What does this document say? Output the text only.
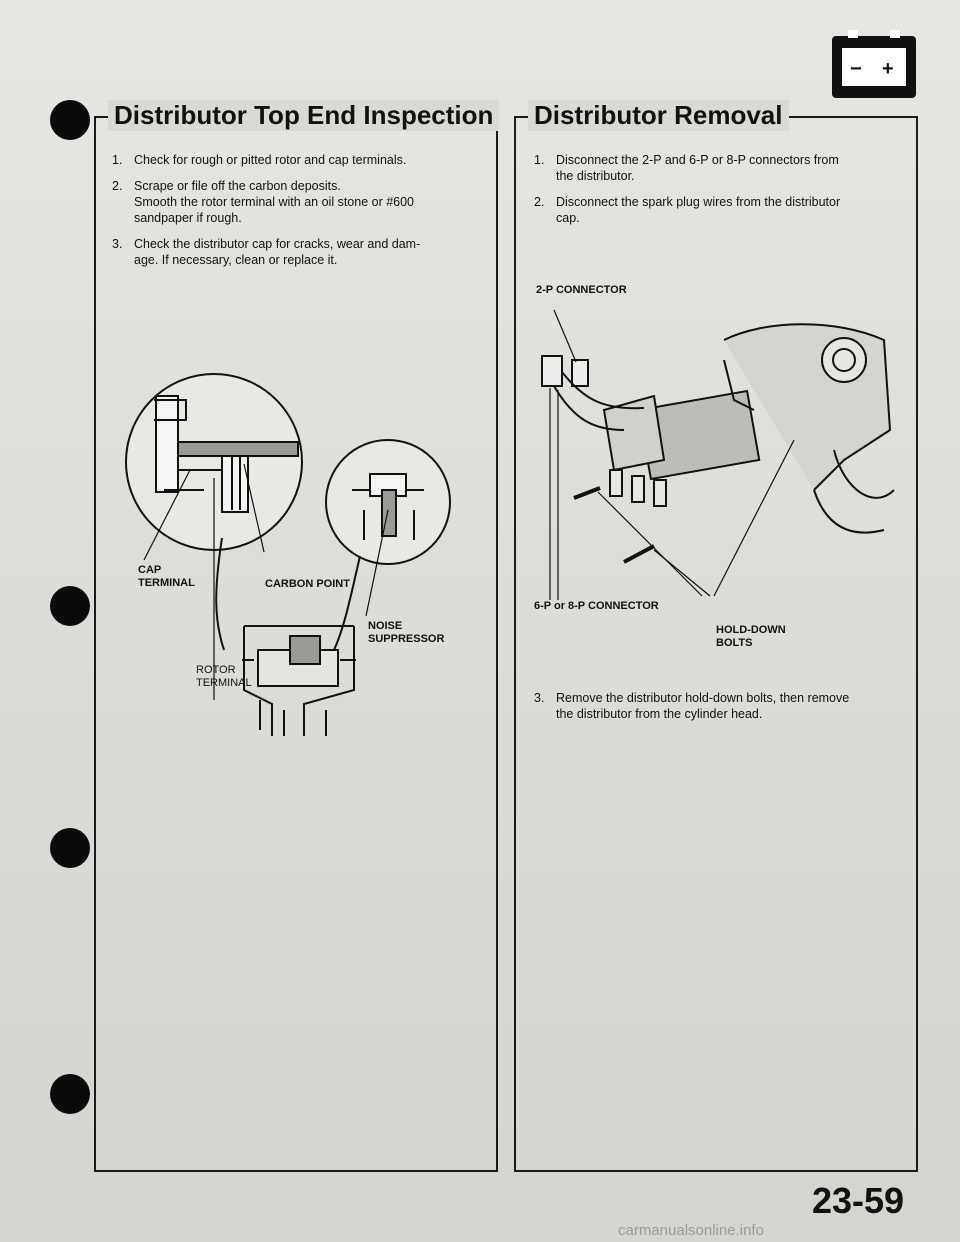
− +
Distributor Top End Inspection
1. Check for rough or pitted rotor and cap terminals.
2. Scrape or file off the carbon deposits.
Smooth the rotor terminal with an oil stone or #600
sandpaper if rough.
3. Check the distributor cap for cracks, wear and dam-
age. If necessary, clean or replace it.
CAP
TERMINAL	CARBON POINT
NOISE
SUPPRESSOR
ROTOR
TERMINAL
Distributor Removal
1. Disconnect the 2-P and 6-P or 8-P connectors from
the distributor.
2. Disconnect the spark plug wires from the distributor
cap.
2-P CONNECTOR
6-P or 8-P CONNECTOR
HOLD-DOWN
BOLTS
3. Remove the distributor hold-down bolts, then remove
the distributor from the cylinder head.
23-59
carmanualsonline.info
